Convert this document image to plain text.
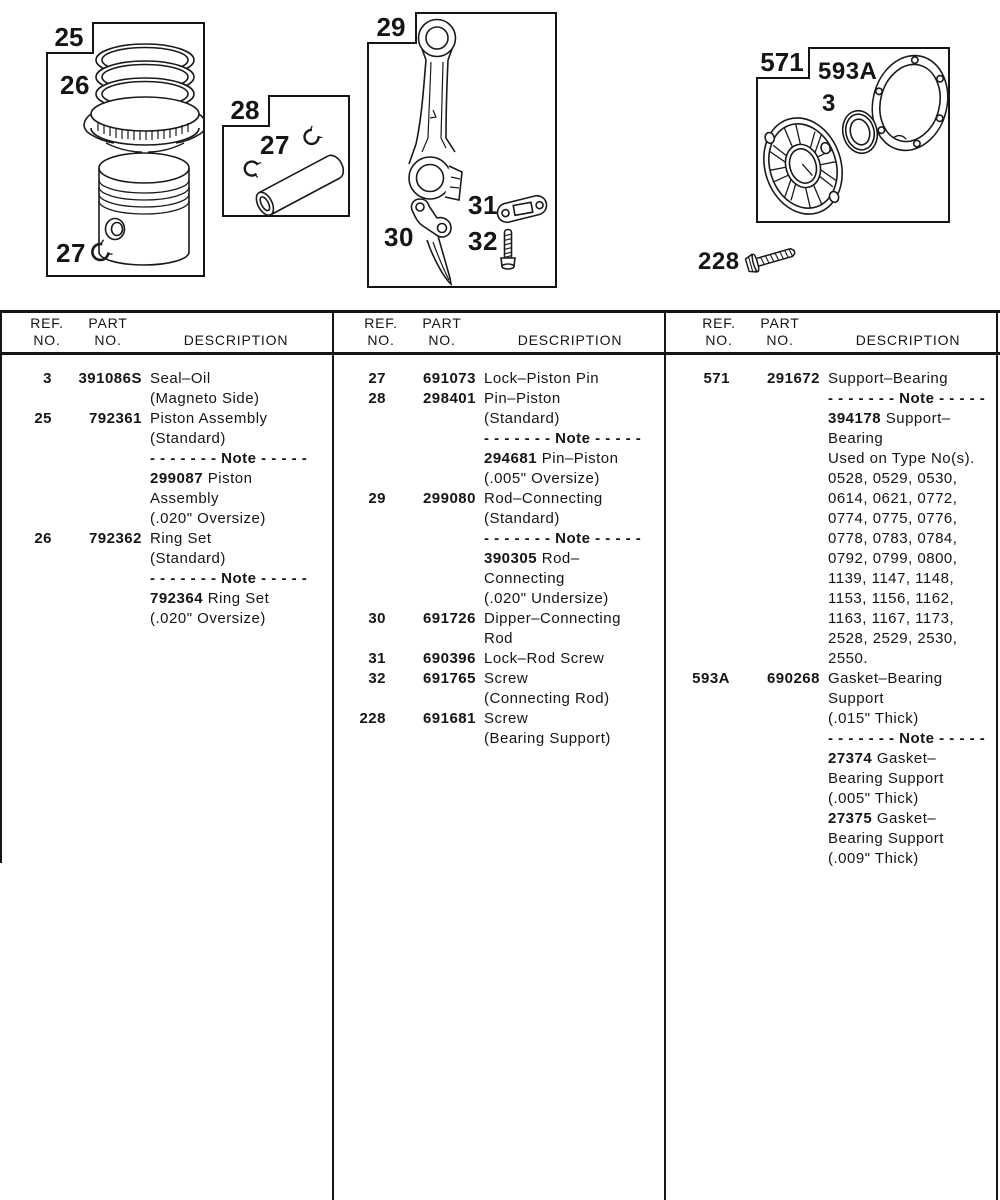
25
26
27
28
27
29
30
31
32
571 593A
3
228
REF.
NO.
PART
NO.	DESCRIPTION
REF.
NO.
PART
NO.	DESCRIPTION
REF.
NO.
PART
NO.	DESCRIPTION
3	391086S Seal–Oil
(Magneto Side)
25	792361 Piston Assembly
(Standard)
- - - - - - - Note - - - - -
299087 Piston
Assembly
(.020" Oversize)
26	792362 Ring Set
(Standard)
- - - - - - - Note - - - - -
792364 Ring Set
(.020" Oversize)
27	691073 Lock–Piston Pin
28	298401 Pin–Piston
(Standard)
- - - - - - - Note - - - - -
294681 Pin–Piston
(.005" Oversize)
29	299080 Rod–Connecting
(Standard)
- - - - - - - Note - - - - -
390305 Rod–
Connecting
(.020" Undersize)
30	691726 Dipper–Connecting
Rod
31	690396 Lock–Rod Screw
32	691765 Screw
(Connecting Rod)
228	691681 Screw
(Bearing Support)
571	291672 Support–Bearing
- - - - - - - Note - - - - -
394178 Support–
Bearing
Used on Type No(s).
0528, 0529, 0530,
0614, 0621, 0772,
0774, 0775, 0776,
0778, 0783, 0784,
0792, 0799, 0800,
1139, 1147, 1148,
1153, 1156, 1162,
1163, 1167, 1173,
2528, 2529, 2530,
2550.
593A	690268 Gasket–Bearing
Support
(.015" Thick)
- - - - - - - Note - - - - -
27374 Gasket–
Bearing Support
(.005" Thick)
27375 Gasket–
Bearing Support
(.009" Thick)
